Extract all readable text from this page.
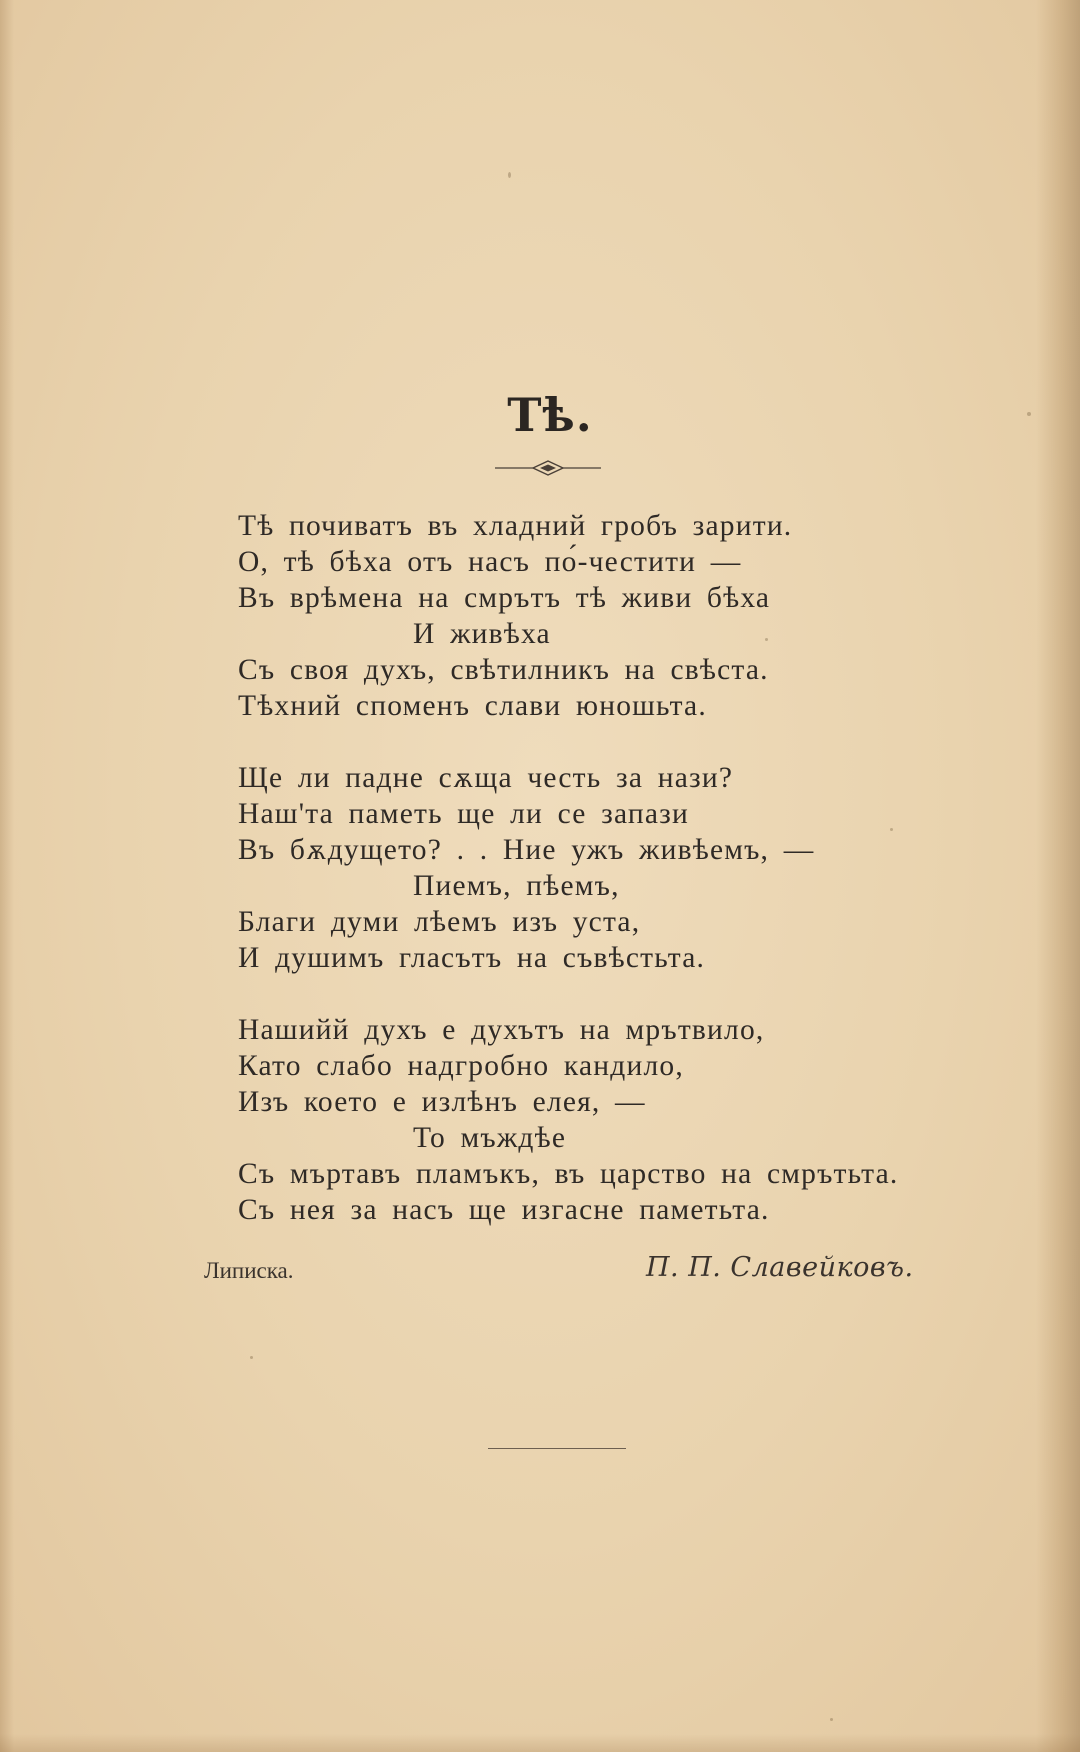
Тѣ.
Тѣ почиватъ въ хладний гробъ зарити.
О, тѣ бѣха отъ насъ по́-честити —
Въ врѣмена на смрътъ тѣ живи бѣха
И живѣха
Съ своя духъ, свѣтилникъ на свѣста.
Тѣхний споменъ слави юношьта.
Ще ли падне сѫща честь за нази?
Наш'та паметь ще ли се запази
Въ бѫдущето? . . Ние ужъ живѣемъ, —
Пиемъ, пѣемъ,
Благи думи лѣемъ изъ уста,
И душимъ гласътъ на съвѣстьта.
Нашийй духъ е духътъ на мрътвило,
Като слабо надгробно кандило,
Изъ което е излѣнъ елея, —
То мъждѣе
Съ мъртавъ пламъкъ, въ царство на смрътьта.
Съ нея за насъ ще изгасне паметьта.
Липиска.	П. П. Славейковъ.
